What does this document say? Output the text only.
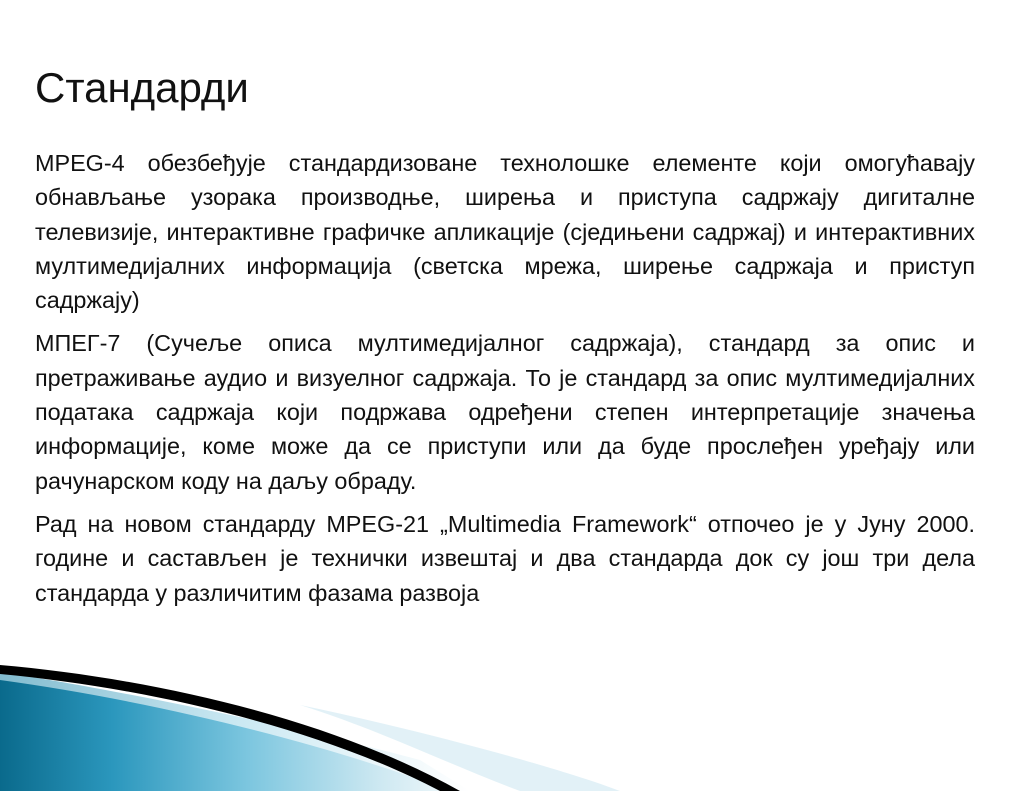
Стандарди

MPEG-4 обезбеђује стандардизоване технолошке елементе који омогућавају обнављање узорака производње, ширења и приступа садржају дигиталне телевизије, интерактивне графичке апликације (сједињени садржај) и интерактивних мултимедијалних информација (светска мрежа, ширење садржаја и приступ садржају)

МПЕГ-7 (Сучеље описа мултимедијалног садржаја), стандард за опис и претраживање аудио и визуелног садржаја. То је стандард за опис мултимедијалних података садржаја који подржава одређени степен интерпретације значења информације, коме може да се приступи или да буде прослеђен уређају или рачунарском коду на даљу обраду.

Рад на новом стандарду MPEG-21 „Multimedia Framework“ отпочео је у Јуну 2000. године и састављен је технички извештај и два стандарда док су још три дела стандарда у различитим фазама развоја
